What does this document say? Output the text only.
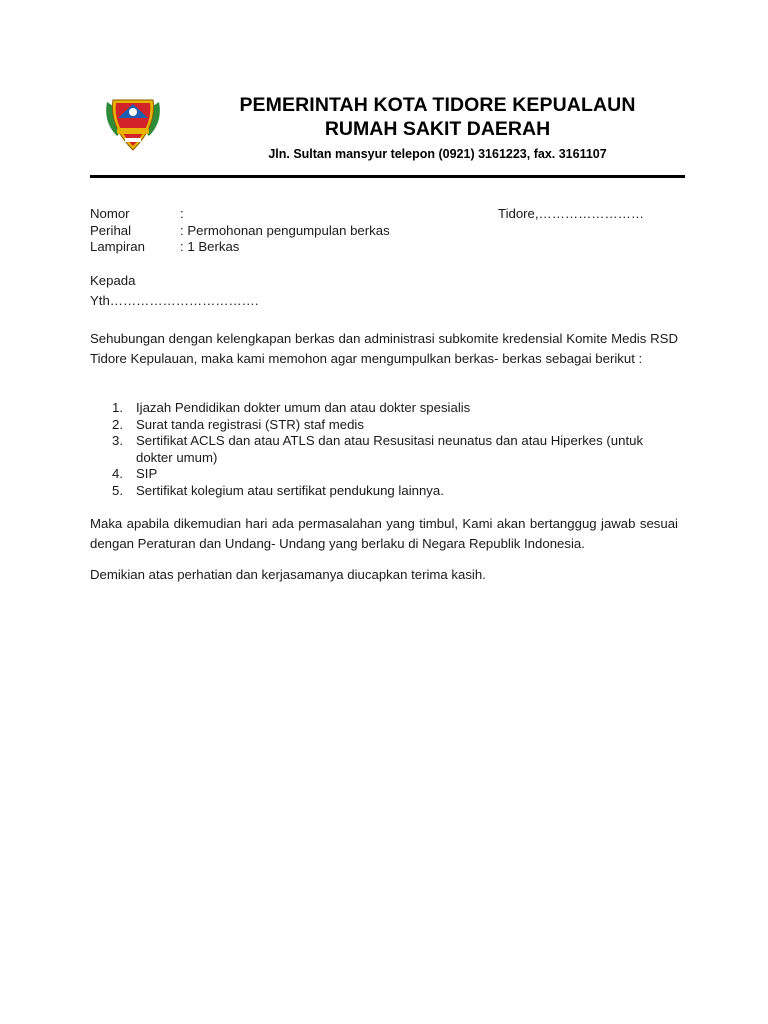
PEMERINTAH KOTA TIDORE KEPUALAUN
RUMAH SAKIT DAERAH
Jln. Sultan mansyur telepon (0921) 3161223, fax. 3161107
Nomor	:	Tidore,……………………
Perihal	: Permohonan pengumpulan berkas
Lampiran	: 1 Berkas
Kepada
Yth…………………………….
Sehubungan dengan kelengkapan berkas dan administrasi subkomite kredensial Komite Medis RSD Tidore Kepulauan, maka kami memohon agar mengumpulkan berkas- berkas sebagai berikut :
1. Ijazah Pendidikan dokter umum dan atau dokter spesialis
2. Surat tanda registrasi (STR) staf medis
3. Sertifikat ACLS dan atau ATLS dan atau Resusitasi neunatus dan atau Hiperkes (untuk dokter umum)
4. SIP
5. Sertifikat kolegium atau sertifikat pendukung lainnya.
Maka apabila dikemudian hari ada permasalahan yang timbul, Kami akan bertanggug jawab sesuai dengan Peraturan dan Undang- Undang yang berlaku di Negara Republik Indonesia.
Demikian atas perhatian dan kerjasamanya diucapkan terima kasih.
